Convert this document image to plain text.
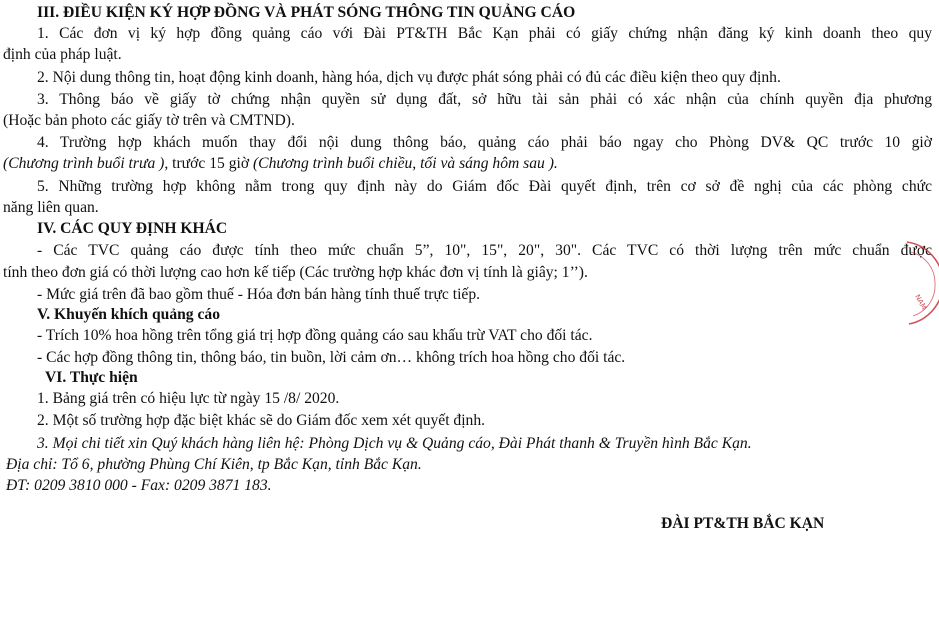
III. ĐIỀU KIỆN KÝ HỢP ĐỒNG VÀ PHÁT SÓNG THÔNG TIN QUẢNG CÁO

1. Các đơn vị ký hợp đồng quảng cáo với Đài PT&TH Bắc Kạn phải có giấy chứng nhận đăng ký kinh doanh theo quy

định của pháp luật.

2. Nội dung thông tin, hoạt động kinh doanh, hàng hóa, dịch vụ được phát sóng phải có đủ các điều kiện theo quy định.

3. Thông báo về giấy tờ chứng nhận quyền sử dụng đất, sở hữu tài sản phải có xác nhận của chính quyền địa phương

(Hoặc bản photo các giấy tờ trên và CMTND).

4. Trường hợp khách muốn thay đổi nội dung thông báo, quảng cáo phải báo ngay cho Phòng DV& QC trước 10 giờ

(Chương trình buổi trưa ), trước 15 giờ (Chương trình buổi chiều, tối và sáng hôm sau ).

5. Những trường hợp không nằm trong quy định này do Giám đốc Đài quyết định, trên cơ sở đề nghị của các phòng chức

năng liên quan.

IV. CÁC QUY ĐỊNH KHÁC

- Các TVC quảng cáo được tính theo mức chuẩn 5”, 10", 15", 20", 30". Các TVC có thời lượng trên mức chuẩn được

tính theo đơn giá có thời lượng cao hơn kế tiếp (Các trường hợp khác đơn vị tính là giây; 1’’).

- Mức giá trên đã bao gồm thuế - Hóa đơn bán hàng tính thuế trực tiếp.

V. Khuyến khích quảng cáo

- Trích 10% hoa hồng trên tổng giá trị hợp đồng quảng cáo sau khấu trừ VAT cho đối tác.

- Các hợp đồng thông tin, thông báo, tin buồn, lời cảm ơn… không trích hoa hồng cho đối tác.

VI. Thực hiện

1. Bảng giá trên có hiệu lực từ ngày 15 /8/ 2020.

2. Một số trường hợp đặc biệt khác sẽ do Giám đốc xem xét quyết định.

3. Mọi chi tiết xin Quý khách hàng liên hệ: Phòng Dịch vụ & Quảng cáo, Đài Phát thanh & Truyền hình Bắc Kạn.

Địa chỉ: Tổ 6, phường Phùng Chí Kiên, tp Bắc Kạn, tỉnh Bắc Kạn.

ĐT: 0209 3810 000 - Fax: 0209 3871 183.

ĐÀI PT&TH BẮC KẠN

NAM
